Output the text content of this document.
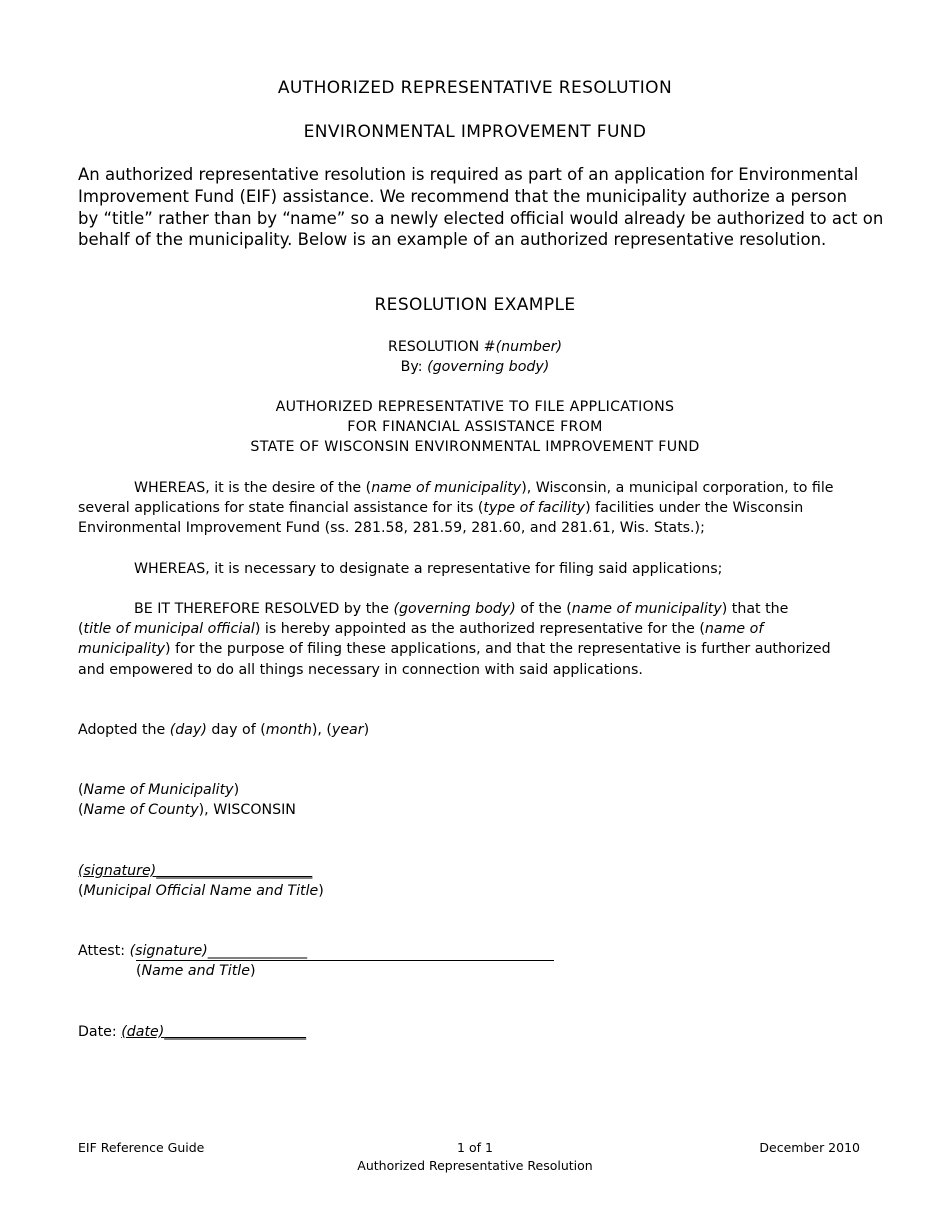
AUTHORIZED REPRESENTATIVE RESOLUTION
ENVIRONMENTAL IMPROVEMENT FUND
An authorized representative resolution is required as part of an application for Environmental
Improvement Fund (EIF) assistance. We recommend that the municipality authorize a person
by “title” rather than by “name” so a newly elected official would already be authorized to act on
behalf of the municipality. Below is an example of an authorized representative resolution.
RESOLUTION EXAMPLE
RESOLUTION #(number)
By: (governing body)
AUTHORIZED REPRESENTATIVE TO FILE APPLICATIONS
FOR FINANCIAL ASSISTANCE FROM
STATE OF WISCONSIN ENVIRONMENTAL IMPROVEMENT FUND
WHEREAS, it is the desire of the (name of municipality), Wisconsin, a municipal corporation, to file
several applications for state financial assistance for its (type of facility) facilities under the Wisconsin
Environmental Improvement Fund (ss. 281.58, 281.59, 281.60, and 281.61, Wis. Stats.);
WHEREAS, it is necessary to designate a representative for filing said applications;
BE IT THEREFORE RESOLVED by the (governing body) of the (name of municipality) that the
(title of municipal official) is hereby appointed as the authorized representative for the (name of
municipality) for the purpose of filing these applications, and that the representative is further authorized
and empowered to do all things necessary in connection with said applications.
Adopted the (day) day of (month), (year)
(Name of Municipality)
(Name of County), WISCONSIN
(signature)______________________
(Municipal Official Name and Title)
Attest: (signature)______________
(Name and Title)
Date: (date)____________________
EIF Reference Guide	1 of 1
Authorized Representative Resolution
December 2010
